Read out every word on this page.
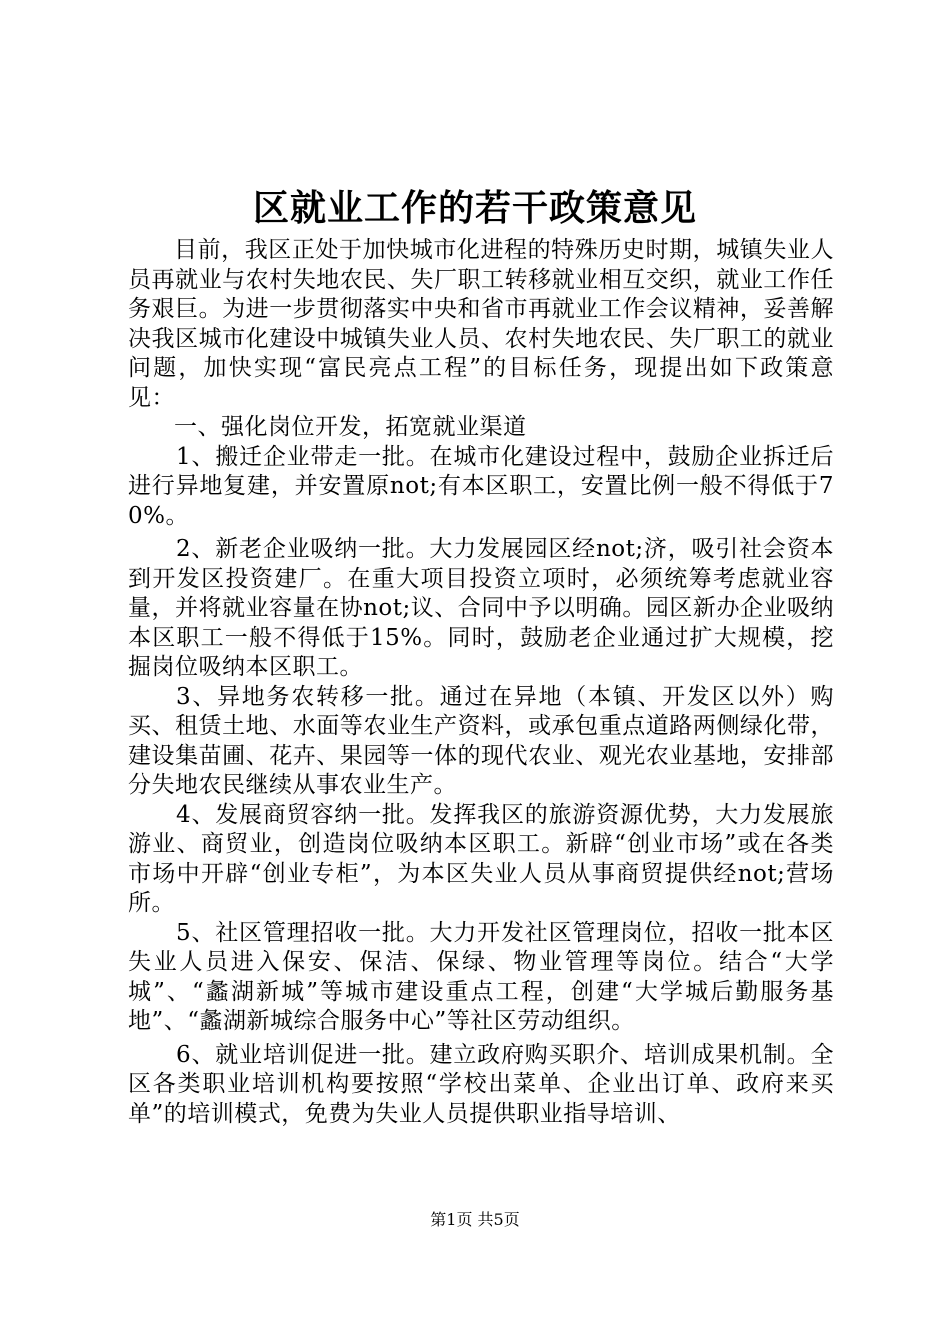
区就业工作的若干政策意见

目前，我区正处于加快城市化进程的特殊历史时期，城镇失业人员再就业与农村失地农民、失厂职工转移就业相互交织，就业工作任务艰巨。为进一步贯彻落实中央和省市再就业工作会议精神，妥善解决我区城市化建设中城镇失业人员、农村失地农民、失厂职工的就业问题，加快实现“富民亮点工程”的目标任务，现提出如下政策意见：

一、强化岗位开发，拓宽就业渠道

1、搬迁企业带走一批。在城市化建设过程中，鼓励企业拆迁后进行异地复建，并安置原not;有本区职工，安置比例一般不得低于70%。

2、新老企业吸纳一批。大力发展园区经not;济，吸引社会资本到开发区投资建厂。在重大项目投资立项时，必须统筹考虑就业容量，并将就业容量在协not;议、合同中予以明确。园区新办企业吸纳本区职工一般不得低于15%。同时，鼓励老企业通过扩大规模，挖掘岗位吸纳本区职工。

3、异地务农转移一批。通过在异地（本镇、开发区以外）购买、租赁土地、水面等农业生产资料，或承包重点道路两侧绿化带，建设集苗圃、花卉、果园等一体的现代农业、观光农业基地，安排部分失地农民继续从事农业生产。

4、发展商贸容纳一批。发挥我区的旅游资源优势，大力发展旅游业、商贸业，创造岗位吸纳本区职工。新辟“创业市场”或在各类市场中开辟“创业专柜”，为本区失业人员从事商贸提供经not;营场所。

5、社区管理招收一批。大力开发社区管理岗位，招收一批本区失业人员进入保安、保洁、保绿、物业管理等岗位。结合“大学城”、“蠡湖新城”等城市建设重点工程，创建“大学城后勤服务基地”、“蠡湖新城综合服务中心”等社区劳动组织。

6、就业培训促进一批。建立政府购买职介、培训成果机制。全区各类职业培训机构要按照“学校出菜单、企业出订单、政府来买单”的培训模式，免费为失业人员提供职业指导培训、

第1页 共5页
